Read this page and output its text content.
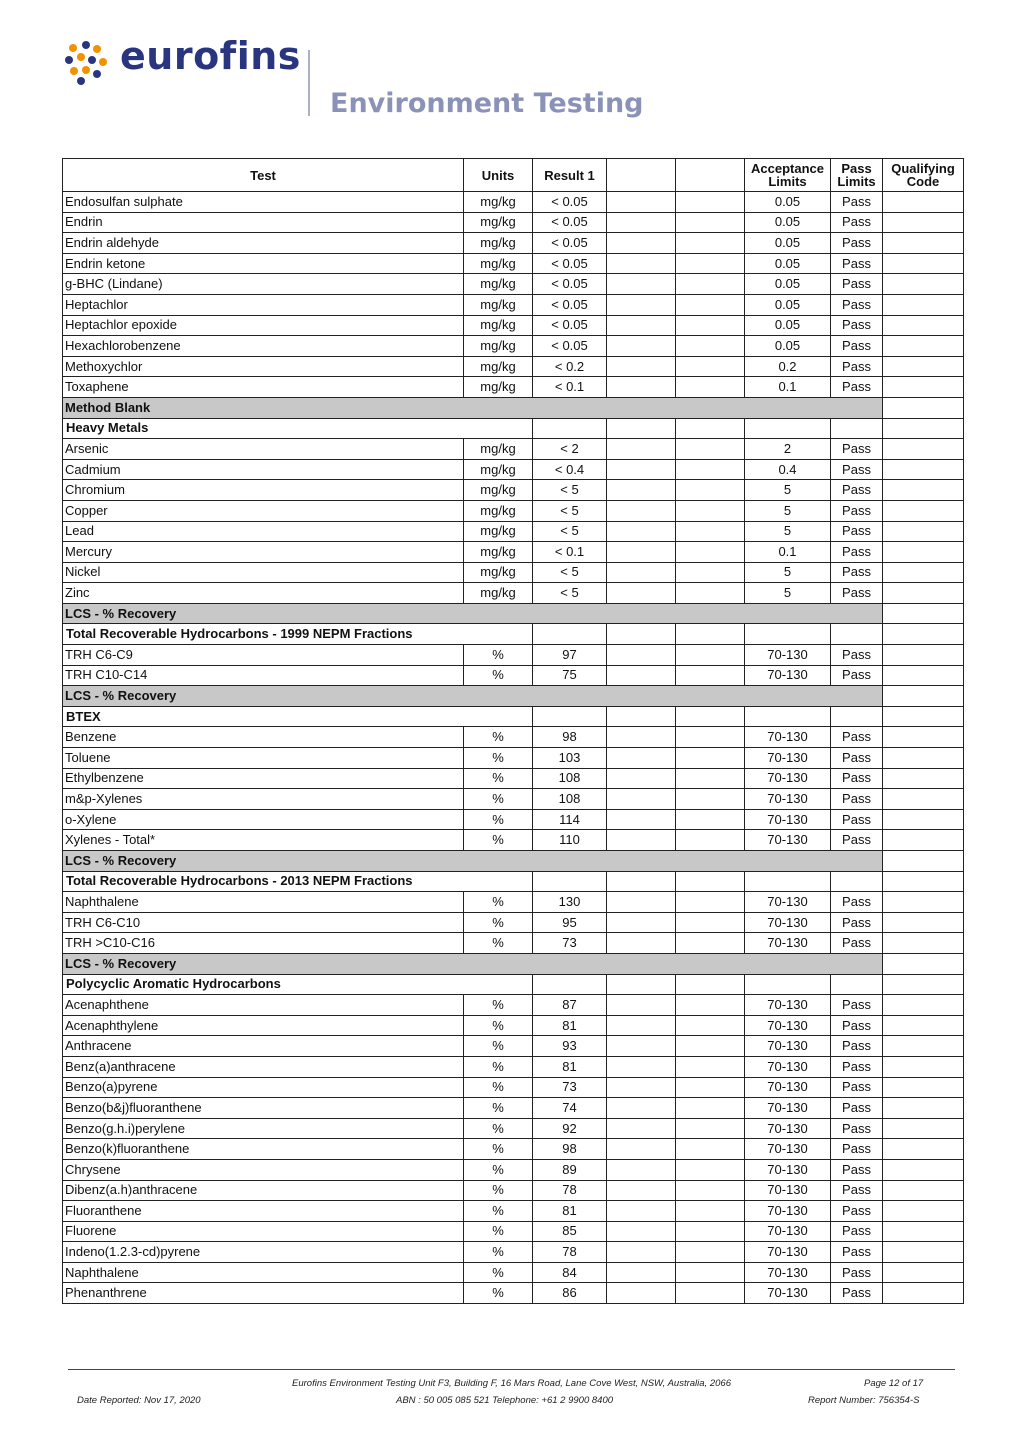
eurofins
Environment Testing
Test	Units	Result 1			Acceptance Limits	Pass Limits	Qualifying Code
Endosulfan sulphate	mg/kg	< 0.05			0.05	Pass	
Endrin	mg/kg	< 0.05			0.05	Pass	
Endrin aldehyde	mg/kg	< 0.05			0.05	Pass	
Endrin ketone	mg/kg	< 0.05			0.05	Pass	
g-BHC (Lindane)	mg/kg	< 0.05			0.05	Pass	
Heptachlor	mg/kg	< 0.05			0.05	Pass	
Heptachlor epoxide	mg/kg	< 0.05			0.05	Pass	
Hexachlorobenzene	mg/kg	< 0.05			0.05	Pass	
Methoxychlor	mg/kg	< 0.2			0.2	Pass	
Toxaphene	mg/kg	< 0.1			0.1	Pass	
Method Blank							
Heavy Metals							
Arsenic	mg/kg	< 2			2	Pass	
Cadmium	mg/kg	< 0.4			0.4	Pass	
Chromium	mg/kg	< 5			5	Pass	
Copper	mg/kg	< 5			5	Pass	
Lead	mg/kg	< 5			5	Pass	
Mercury	mg/kg	< 0.1			0.1	Pass	
Nickel	mg/kg	< 5			5	Pass	
Zinc	mg/kg	< 5			5	Pass	
LCS - % Recovery							
Total Recoverable Hydrocarbons - 1999 NEPM Fractions							
TRH C6-C9	%	97			70-130	Pass	
TRH C10-C14	%	75			70-130	Pass	
LCS - % Recovery							
BTEX							
Benzene	%	98			70-130	Pass	
Toluene	%	103			70-130	Pass	
Ethylbenzene	%	108			70-130	Pass	
m&p-Xylenes	%	108			70-130	Pass	
o-Xylene	%	114			70-130	Pass	
Xylenes - Total*	%	110			70-130	Pass	
LCS - % Recovery							
Total Recoverable Hydrocarbons - 2013 NEPM Fractions							
Naphthalene	%	130			70-130	Pass	
TRH C6-C10	%	95			70-130	Pass	
TRH >C10-C16	%	73			70-130	Pass	
LCS - % Recovery							
Polycyclic Aromatic Hydrocarbons							
Acenaphthene	%	87			70-130	Pass	
Acenaphthylene	%	81			70-130	Pass	
Anthracene	%	93			70-130	Pass	
Benz(a)anthracene	%	81			70-130	Pass	
Benzo(a)pyrene	%	73			70-130	Pass	
Benzo(b&j)fluoranthene	%	74			70-130	Pass	
Benzo(g.h.i)perylene	%	92			70-130	Pass	
Benzo(k)fluoranthene	%	98			70-130	Pass	
Chrysene	%	89			70-130	Pass	
Dibenz(a.h)anthracene	%	78			70-130	Pass	
Fluoranthene	%	81			70-130	Pass	
Fluorene	%	85			70-130	Pass	
Indeno(1.2.3-cd)pyrene	%	78			70-130	Pass	
Naphthalene	%	84			70-130	Pass	
Phenanthrene	%	86			70-130	Pass	
Eurofins Environment Testing Unit F3, Building F, 16 Mars Road, Lane Cove West, NSW, Australia, 2066	Page 12 of 17
Date Reported: Nov 17, 2020	ABN : 50 005 085 521 Telephone: +61 2 9900 8400	Report Number: 756354-S
